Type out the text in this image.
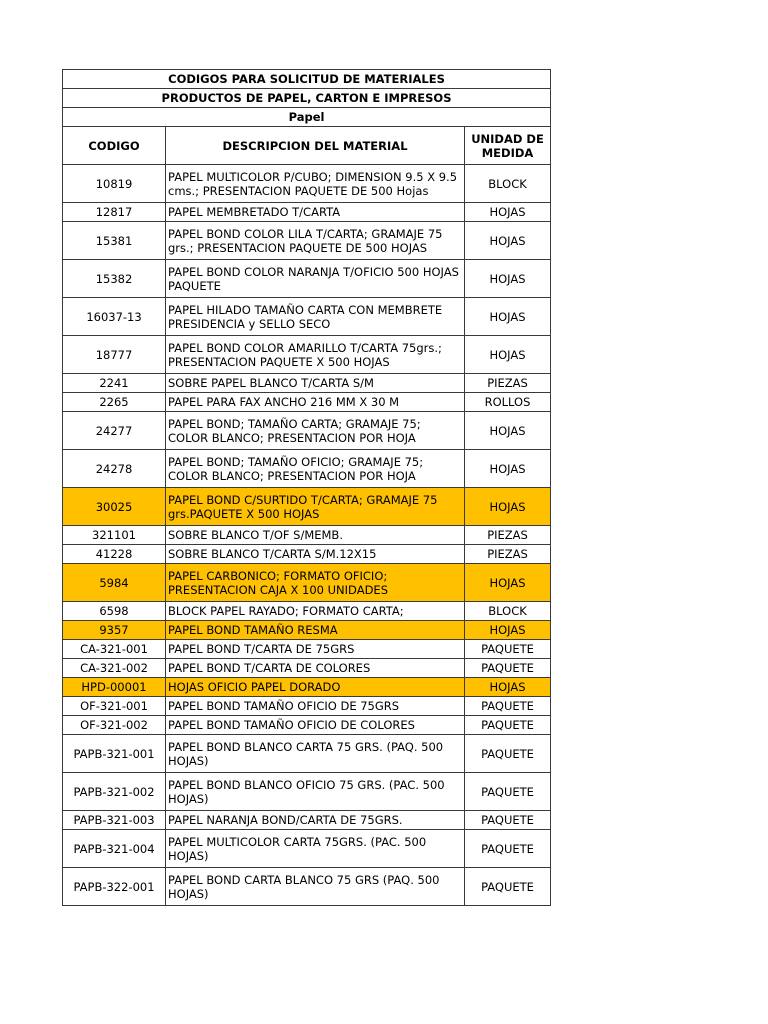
CODIGOS PARA SOLICITUD DE MATERIALES		
PRODUCTOS DE PAPEL, CARTON E IMPRESOS		
Papel		
CODIGO	DESCRIPCION DEL MATERIAL	UNIDAD DE MEDIDA
10819	PAPEL MULTICOLOR P/CUBO; DIMENSION 9.5 X 9.5 cms.; PRESENTACION PAQUETE DE 500 Hojas	BLOCK
12817	PAPEL MEMBRETADO T/CARTA	HOJAS
15381	PAPEL BOND COLOR LILA T/CARTA; GRAMAJE 75 grs.; PRESENTACION PAQUETE DE 500 HOJAS	HOJAS
15382	PAPEL BOND COLOR NARANJA T/OFICIO 500 HOJAS PAQUETE	HOJAS
16037-13	PAPEL HILADO TAMAÑO CARTA CON MEMBRETE PRESIDENCIA y SELLO SECO	HOJAS
18777	PAPEL BOND COLOR AMARILLO T/CARTA 75grs.; PRESENTACION PAQUETE X 500 HOJAS	HOJAS
2241	SOBRE PAPEL BLANCO T/CARTA S/M	PIEZAS
2265	PAPEL PARA FAX ANCHO 216 MM X 30 M	ROLLOS
24277	PAPEL BOND; TAMAÑO CARTA; GRAMAJE 75; COLOR BLANCO; PRESENTACION POR HOJA	HOJAS
24278	PAPEL BOND; TAMAÑO OFICIO; GRAMAJE 75; COLOR BLANCO; PRESENTACION POR HOJA	HOJAS
30025	PAPEL BOND C/SURTIDO T/CARTA; GRAMAJE 75 grs.PAQUETE X 500 HOJAS	HOJAS
321101	SOBRE BLANCO T/OF S/MEMB.	PIEZAS
41228	SOBRE BLANCO T/CARTA S/M.12X15	PIEZAS
5984	PAPEL CARBONICO; FORMATO OFICIO; PRESENTACION CAJA X 100 UNIDADES	HOJAS
6598	BLOCK PAPEL RAYADO; FORMATO CARTA;	BLOCK
9357	PAPEL BOND TAMAÑO RESMA	HOJAS
CA-321-001	PAPEL BOND T/CARTA DE 75GRS	PAQUETE
CA-321-002	PAPEL BOND T/CARTA DE COLORES	PAQUETE
HPD-00001	HOJAS OFICIO PAPEL DORADO	HOJAS
OF-321-001	PAPEL BOND TAMAÑO OFICIO DE 75GRS	PAQUETE
OF-321-002	PAPEL BOND TAMAÑO OFICIO DE COLORES	PAQUETE
PAPB-321-001	PAPEL BOND BLANCO CARTA 75 GRS. (PAQ. 500 HOJAS)	PAQUETE
PAPB-321-002	PAPEL BOND BLANCO OFICIO 75 GRS. (PAC. 500 HOJAS)	PAQUETE
PAPB-321-003	PAPEL NARANJA BOND/CARTA DE 75GRS.	PAQUETE
PAPB-321-004	PAPEL MULTICOLOR CARTA 75GRS. (PAC. 500 HOJAS)	PAQUETE
PAPB-322-001	PAPEL BOND CARTA BLANCO 75 GRS (PAQ. 500 HOJAS)	PAQUETE
